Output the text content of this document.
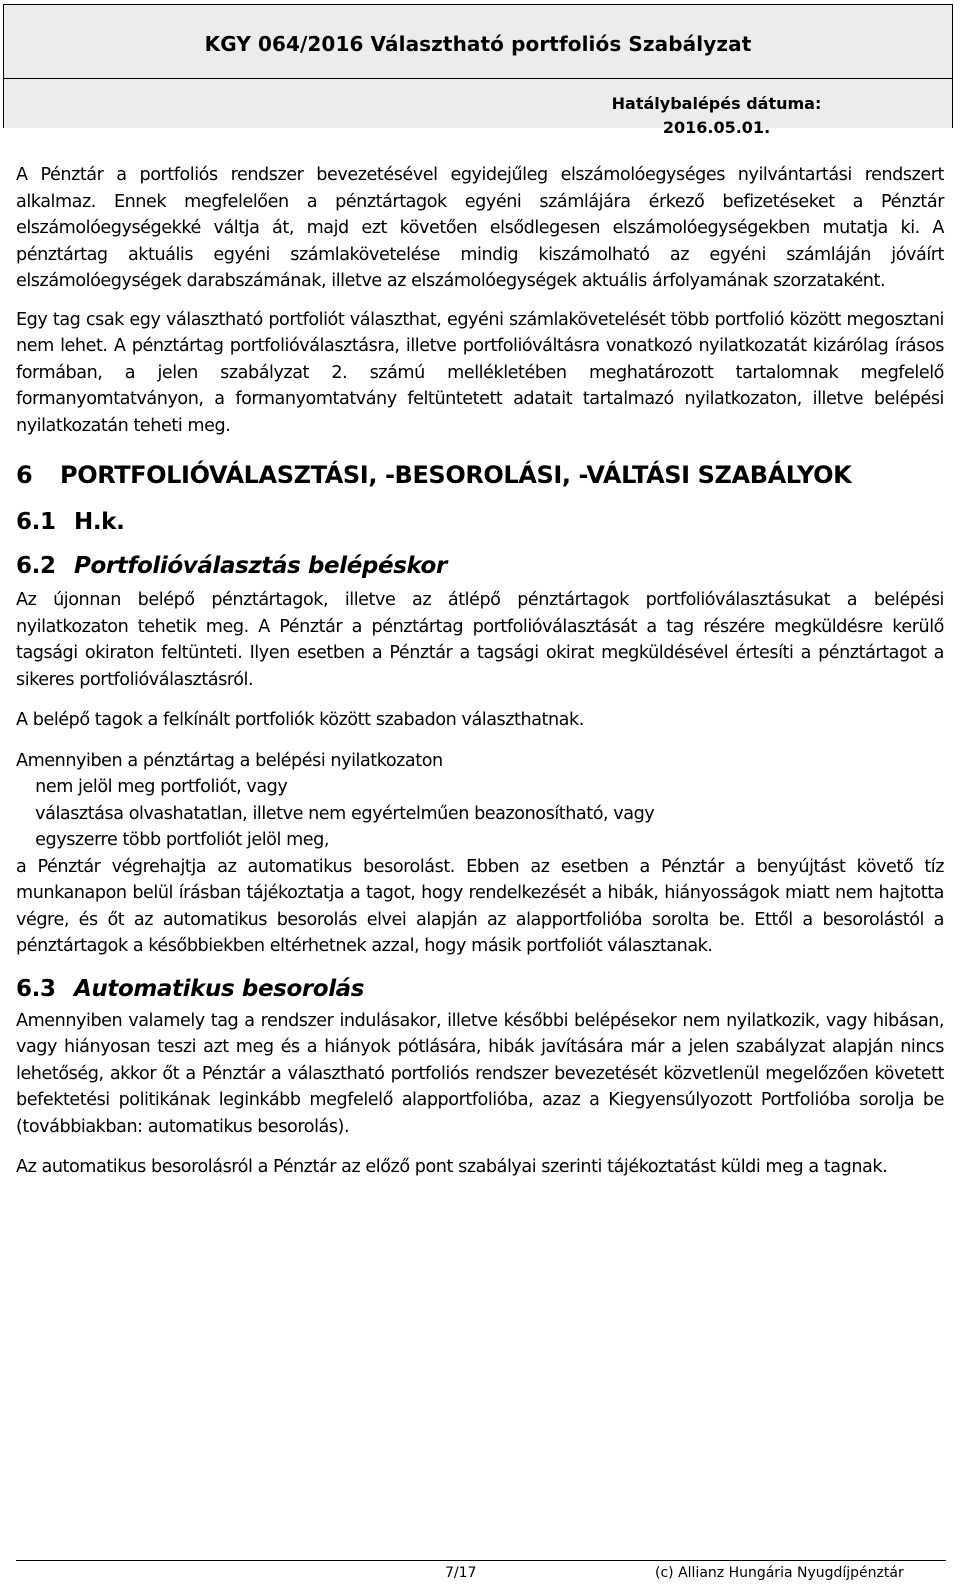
KGY 064/2016 Választható portfoliós Szabályzat
Hatálybalépés dátuma:
2016.05.01.

A Pénztár a portfoliós rendszer bevezetésével egyidejűleg elszámolóegységes nyilvántartási rendszert alkalmaz. Ennek megfelelően a pénztártagok egyéni számlájára érkező befizetéseket a Pénztár elszámolóegységekké váltja át, majd ezt követően elsődlegesen elszámolóegységekben mutatja ki. A pénztártag aktuális egyéni számlakövetelése mindig kiszámolható az egyéni számláján jóváírt elszámolóegységek darabszámának, illetve az elszámolóegységek aktuális árfolyamának szorzataként.

Egy tag csak egy választható portfoliót választhat, egyéni számlakövetelését több portfolió között megosztani nem lehet. A pénztártag portfolióválasztásra, illetve portfolióváltásra vonatkozó nyilatkozatát kizárólag írásos formában, a jelen szabályzat 2. számú mellékletében meghatározott tartalomnak megfelelő formanyomtatványon, a formanyomtatvány feltüntetett adatait tartalmazó nyilatkozaton, illetve belépési nyilatkozatán teheti meg.

6 PORTFOLIÓVÁLASZTÁSI, -BESOROLÁSI, -VÁLTÁSI SZABÁLYOK
6.1 H.k.
6.2 Portfolióválasztás belépéskor

Az újonnan belépő pénztártagok, illetve az átlépő pénztártagok portfolióválasztásukat a belépési nyilatkozaton tehetik meg. A Pénztár a pénztártag portfolióválasztását a tag részére megküldésre kerülő tagsági okiraton feltünteti. Ilyen esetben a Pénztár a tagsági okirat megküldésével értesíti a pénztártagot a sikeres portfolióválasztásról.

A belépő tagok a felkínált portfoliók között szabadon választhatnak.

Amennyiben a pénztártag a belépési nyilatkozaton

nem jelöl meg portfoliót, vagy
választása olvashatatlan, illetve nem egyértelműen beazonosítható, vagy
egyszerre több portfoliót jelöl meg,

a Pénztár végrehajtja az automatikus besorolást. Ebben az esetben a Pénztár a benyújtást követő tíz munkanapon belül írásban tájékoztatja a tagot, hogy rendelkezését a hibák, hiányosságok miatt nem hajtotta végre, és őt az automatikus besorolás elvei alapján az alapportfolióba sorolta be. Ettől a besorolástól a pénztártagok a későbbiekben eltérhetnek azzal, hogy másik portfoliót választanak.

6.3 Automatikus besorolás

Amennyiben valamely tag a rendszer indulásakor, illetve későbbi belépésekor nem nyilatkozik, vagy hibásan, vagy hiányosan teszi azt meg és a hiányok pótlására, hibák javítására már a jelen szabályzat alapján nincs lehetőség, akkor őt a Pénztár a választható portfoliós rendszer bevezetését közvetlenül megelőzően követett befektetési politikának leginkább megfelelő alapportfolióba, azaz a Kiegyensúlyozott Portfolióba sorolja be (továbbiakban: automatikus besorolás).

Az automatikus besorolásról a Pénztár az előző pont szabályai szerinti tájékoztatást küldi meg a tagnak.

7/17	(c) Allianz Hungária Nyugdíjpénztár
